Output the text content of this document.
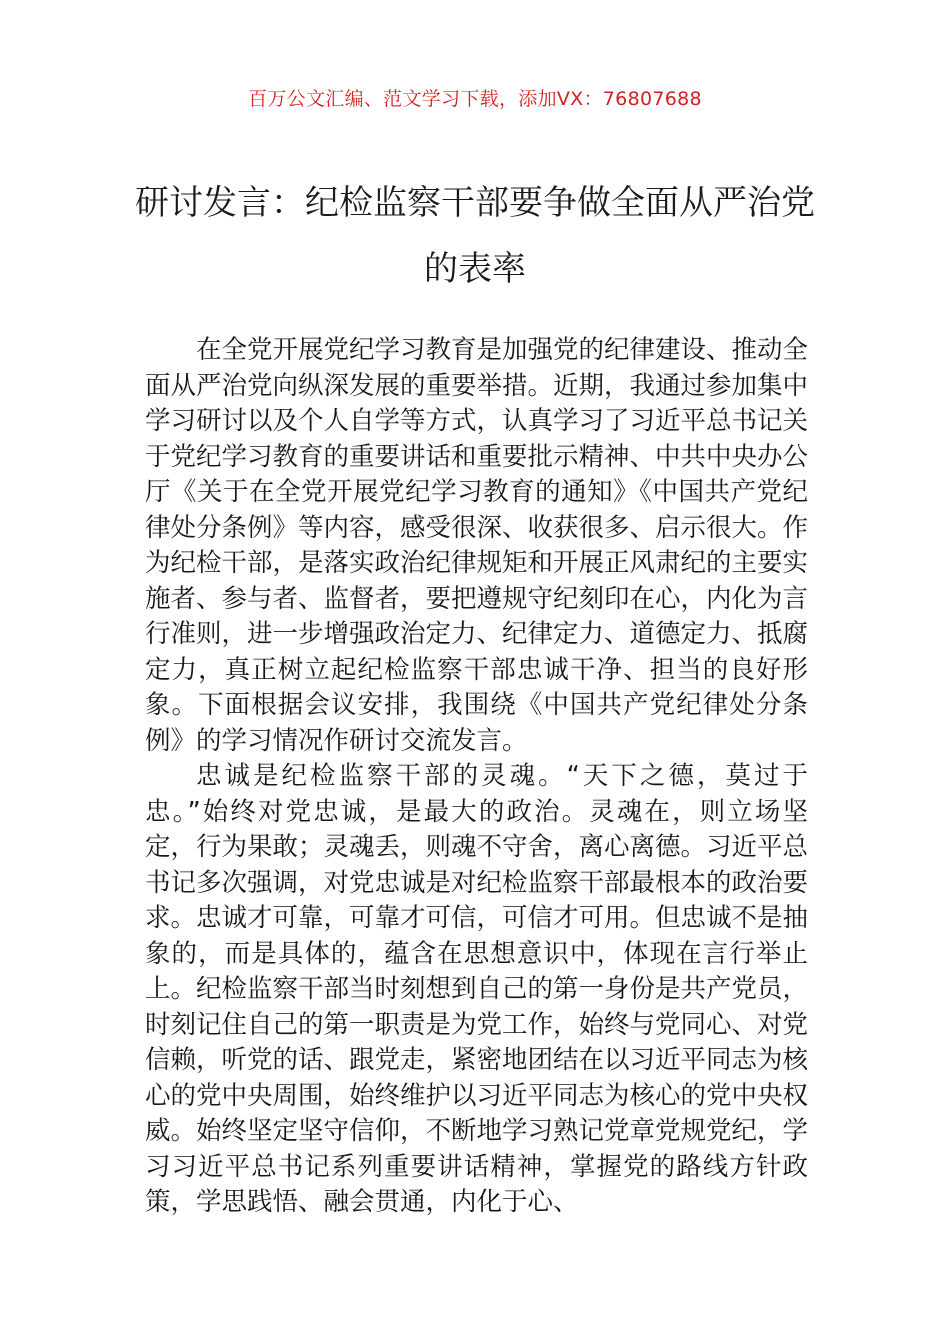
百万公文汇编、范文学习下载，添加VX：76807688
研讨发言：纪检监察干部要争做全面从严治党的表率

在全党开展党纪学习教育是加强党的纪律建设、推动全面从严治党向纵深发展的重要举措。近期，我通过参加集中学习研讨以及个人自学等方式，认真学习了习近平总书记关于党纪学习教育的重要讲话和重要批示精神、中共中央办公厅《关于在全党开展党纪学习教育的通知》《中国共产党纪律处分条例》等内容，感受很深、收获很多、启示很大。作为纪检干部，是落实政治纪律规矩和开展正风肃纪的主要实施者、参与者、监督者，要把遵规守纪刻印在心，内化为言行准则，进一步增强政治定力、纪律定力、道德定力、抵腐定力，真正树立起纪检监察干部忠诚干净、担当的良好形象。下面根据会议安排，我围绕《中国共产党纪律处分条例》的学习情况作研讨交流发言。

忠诚是纪检监察干部的灵魂。“天下之德，莫过于忠。”始终对党忠诚，是最大的政治。灵魂在，则立场坚定，行为果敢；灵魂丢，则魂不守舍，离心离德。习近平总书记多次强调，对党忠诚是对纪检监察干部最根本的政治要求。忠诚才可靠，可靠才可信，可信才可用。但忠诚不是抽象的，而是具体的，蕴含在思想意识中，体现在言行举止上。纪检监察干部当时刻想到自己的第一身份是共产党员，时刻记住自己的第一职责是为党工作，始终与党同心、对党信赖，听党的话、跟党走，紧密地团结在以习近平同志为核心的党中央周围，始终维护以习近平同志为核心的党中央权威。始终坚定坚守信仰，不断地学习熟记党章党规党纪，学习习近平总书记系列重要讲话精神，掌握党的路线方针政策，学思践悟、融会贯通，内化于心、
